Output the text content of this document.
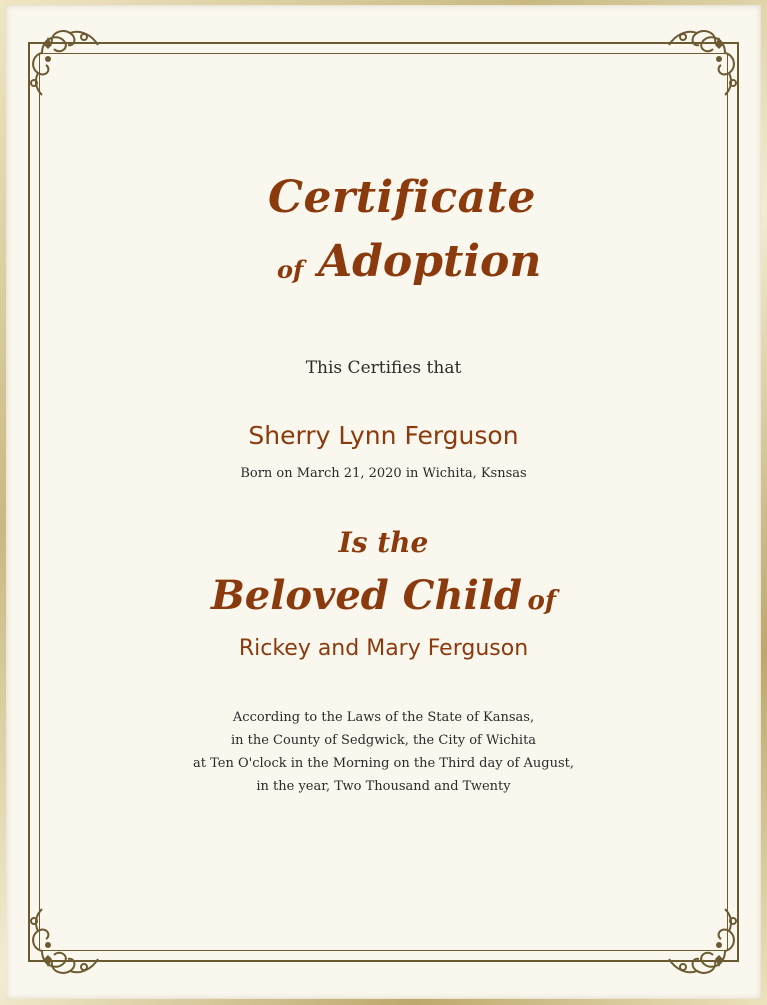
Certificate
of Adoption
This Certifies that
Sherry Lynn Ferguson
Born on March 21, 2020 in Wichita, Ksnsas
Is the
Beloved Child of
Rickey and Mary Ferguson
According to the Laws of the State of Kansas,
in the County of Sedgwick, the City of Wichita
at Ten O'clock in the Morning on the Third day of August,
in the year, Two Thousand and Twenty
